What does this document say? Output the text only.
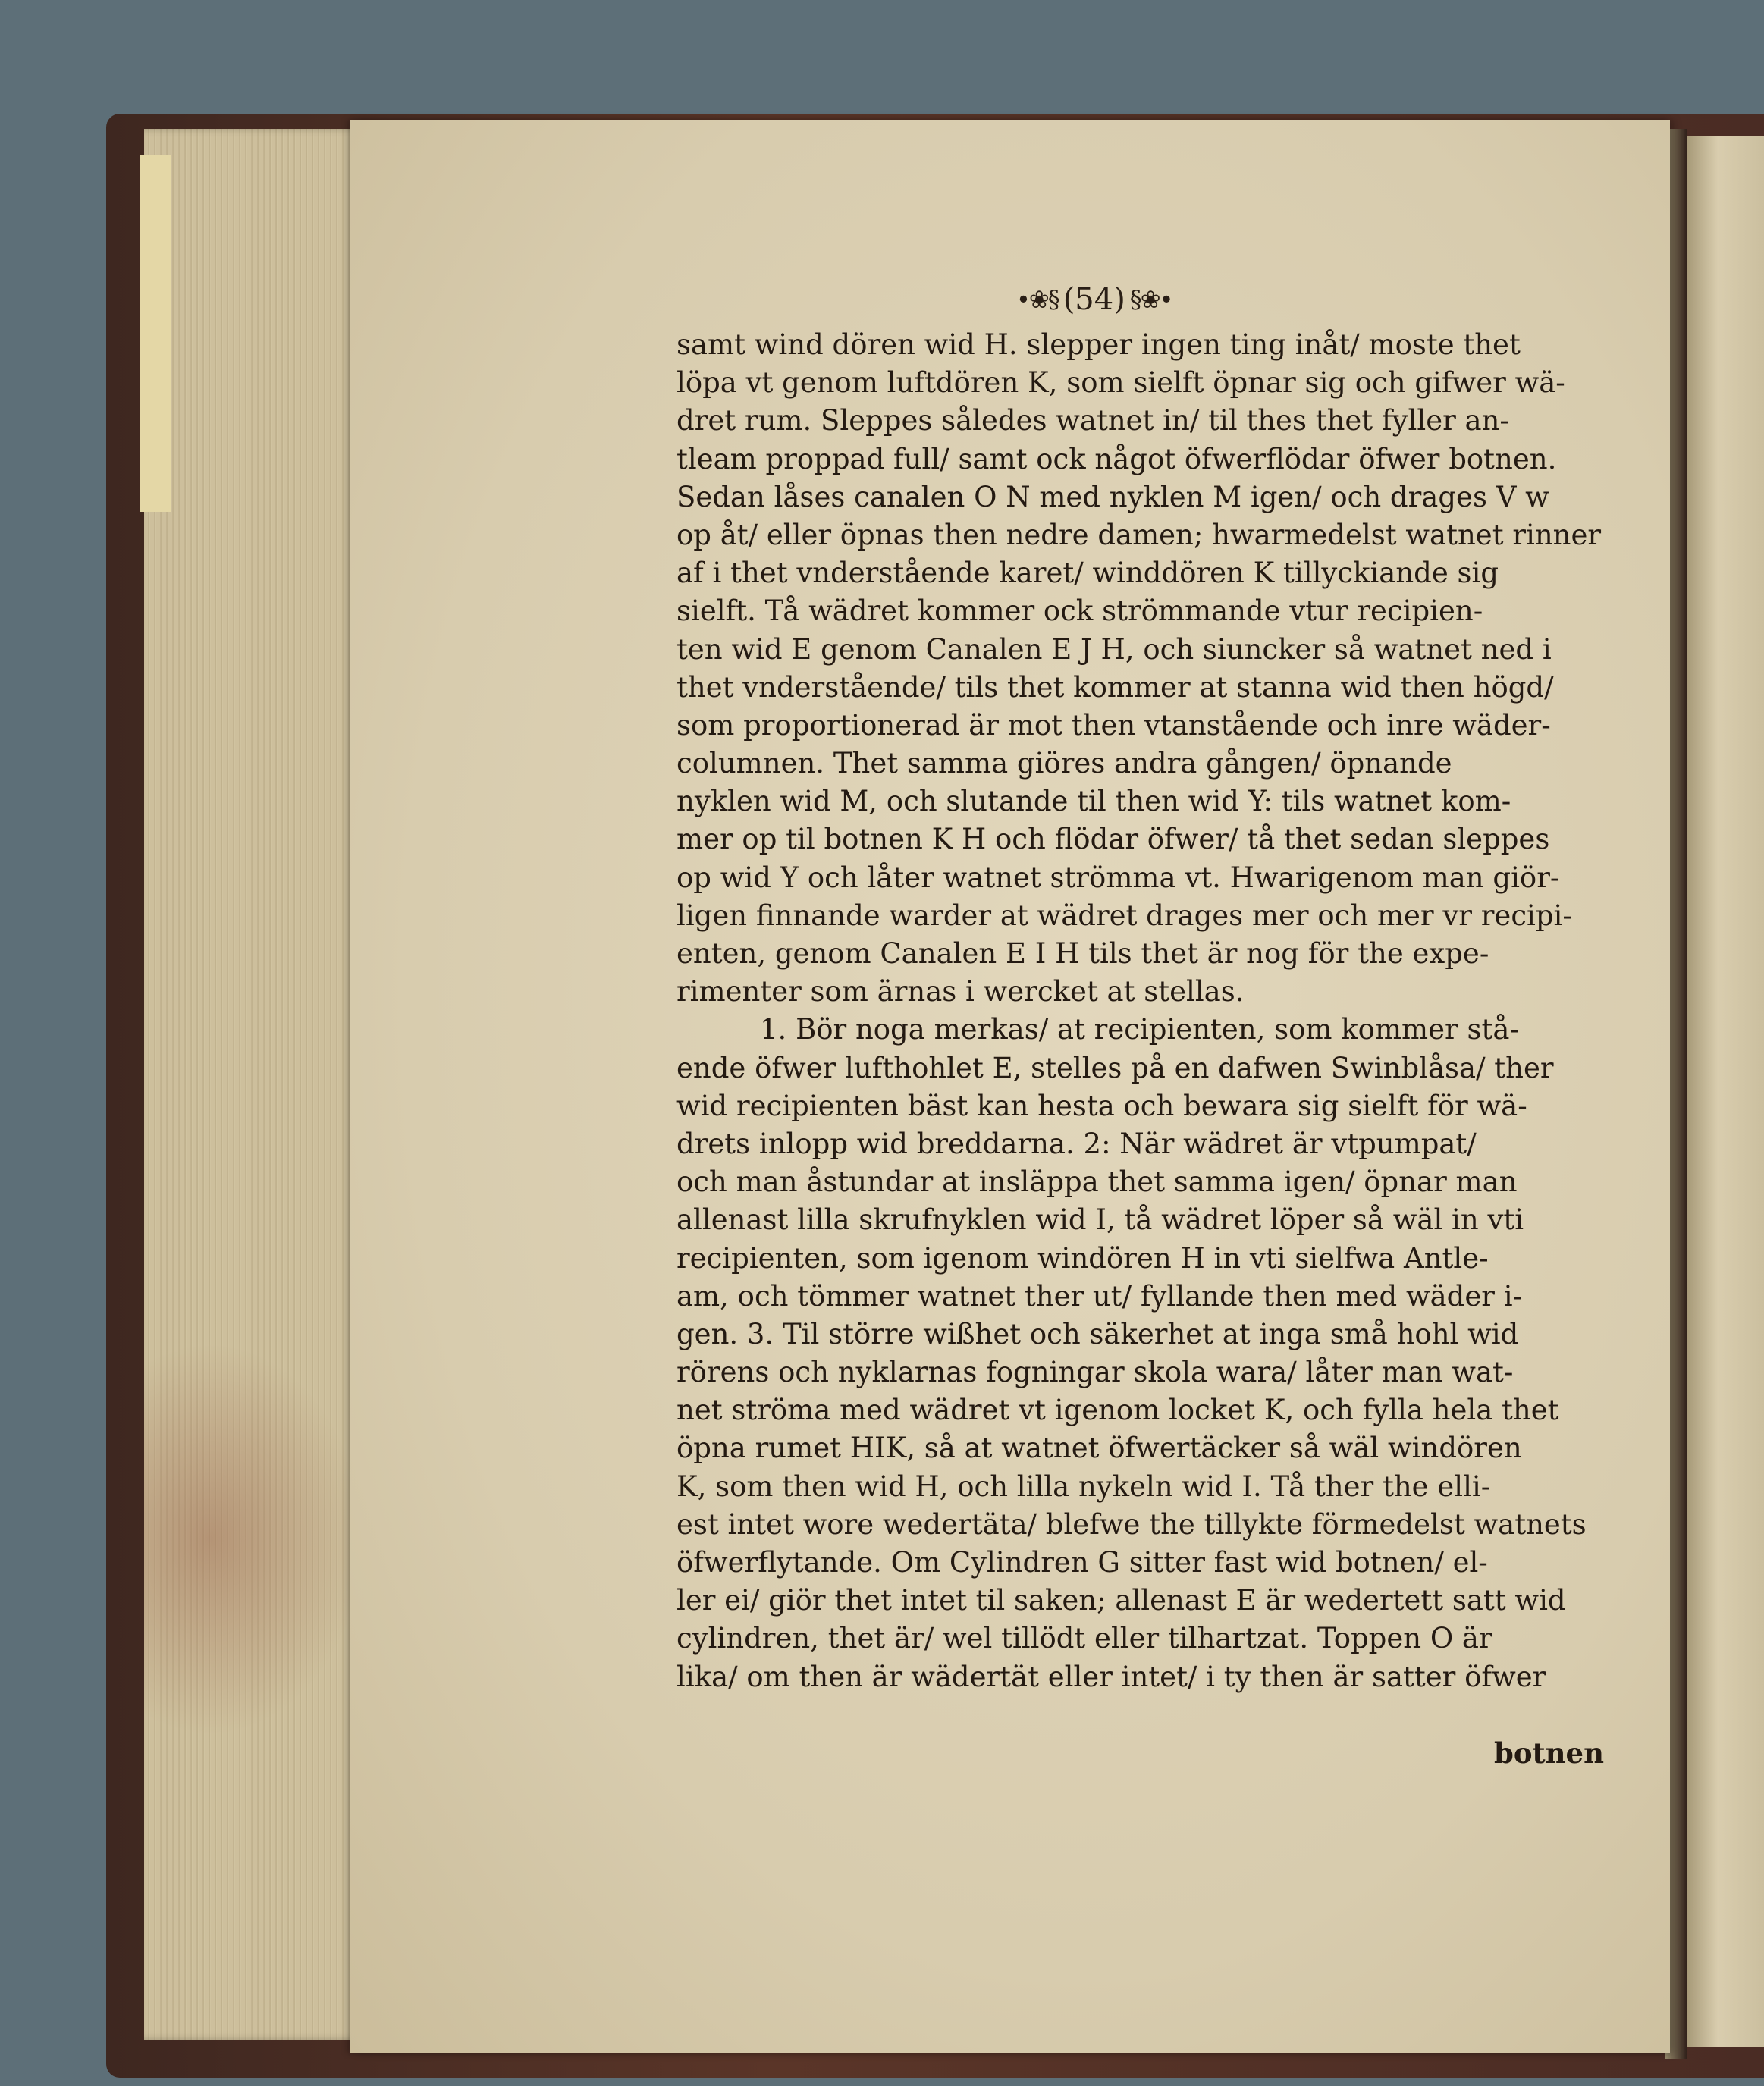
•❀§ (54) §❀•
samt wind dören wid H. slepper ingen ting inåt/ moste thet
löpa vt genom luftdören K, som sielft öpnar sig och gifwer wä-
dret rum. Sleppes således watnet in/ til thes thet fyller an-
tleam proppad full/ samt ock något öfwerflödar öfwer botnen.
Sedan låses canalen O N med nyklen M igen/ och drages V w
op åt/ eller öpnas then nedre damen; hwarmedelst watnet rinner
af i thet vnderstående karet/ winddören K tillyckiande sig
sielft. Tå wädret kommer ock strömmande vtur recipien-
ten wid E genom Canalen E J H, och siuncker så watnet ned i
thet vnderstående/ tils thet kommer at stanna wid then högd/
som proportionerad är mot then vtanstående och inre wäder-
columnen. Thet samma giöres andra gången/ öpnande
nyklen wid M, och slutande til then wid Y: tils watnet kom-
mer op til botnen K H och flödar öfwer/ tå thet sedan sleppes
op wid Y och låter watnet strömma vt. Hwarigenom man giör-
ligen finnande warder at wädret drages mer och mer vr recipi-
enten, genom Canalen E I H tils thet är nog för the expe-
rimenter som ärnas i wercket at stellas.
1. Bör noga merkas/ at recipienten, som kommer stå-
ende öfwer lufthohlet E, stelles på en dafwen Swinblåsa/ ther
wid recipienten bäst kan hesta och bewara sig sielft för wä-
drets inlopp wid breddarna. 2: När wädret är vtpumpat/
och man åstundar at insläppa thet samma igen/ öpnar man
allenast lilla skrufnyklen wid I, tå wädret löper så wäl in vti
recipienten, som igenom windören H in vti sielfwa Antle-
am, och tömmer watnet ther ut/ fyllande then med wäder i-
gen. 3. Til större wißhet och säkerhet at inga små hohl wid
rörens och nyklarnas fogningar skola wara/ låter man wat-
net ströma med wädret vt igenom locket K, och fylla hela thet
öpna rumet HIK, så at watnet öfwertäcker så wäl windören
K, som then wid H, och lilla nykeln wid I. Tå ther the elli-
est intet wore wedertäta/ blefwe the tillykte förmedelst watnets
öfwerflytande. Om Cylindren G sitter fast wid botnen/ el-
ler ei/ giör thet intet til saken; allenast E är wedertett satt wid
cylindren, thet är/ wel tillödt eller tilhartzat. Toppen O är
lika/ om then är wädertät eller intet/ i ty then är satter öfwer
botnen
